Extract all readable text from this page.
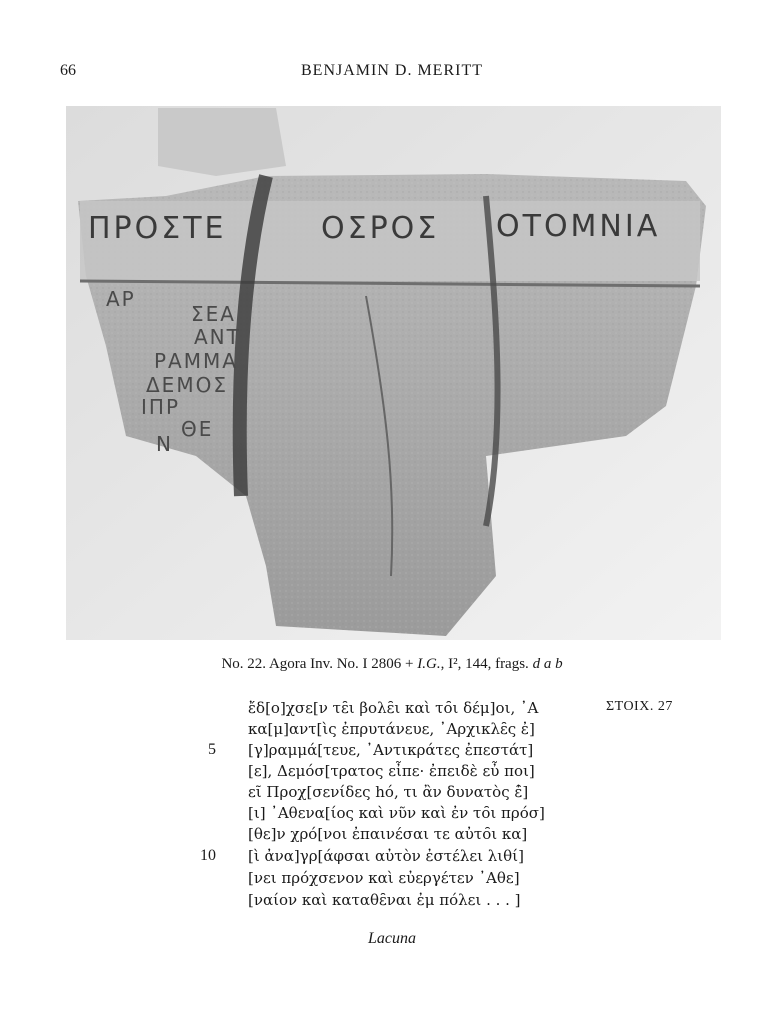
66	BENJAMIN D. MERITT
ΠΡΟΣΤΕ	ΟΣΡΟΣ ΟΤΟΜΝΙΑ
ΑΡ
ΣΕΑ
ΑΝΤ
ΡΑΜΜΑ
ΔΕΜΟΣ
ΙΠΡ
ΘΕ
Ν
No. 22. Agora Inv. No. I 2806 + I.G., I², 144, frags. d a b
ΣΤΟΙΧ. 27
ἔδ[ο]χσε[ν τε̑ι βολε̑ι καὶ το̑ι δέμ]οι, ᾽Α
κα[μ]αντ[ὶς ἐπρυτάνευε, ᾽Αρχικλε̑ς ἐ]
5 [γ]ραμμά[τευε, ᾽Αντικράτες ἐπεστάτ]
[ε], Δεμόσ[τρατος εἶπε· ἐπειδὲ εὖ ποι]
εῖ Προχ[σενίδες hό, τι ἂν δυνατὸς ἐ̑]
[ι] ᾽Αθενα[ίος καὶ νῦν καὶ ἐν το̑ι πρόσ]
[θε]ν χρό[νοι ἐπαινέσαι τε αὐτο̑ι κα]
10 [ὶ ἀνα]γρ[άφσαι αὐτὸν ἐστέλει λιθί]
[νει πρόχσενον καὶ εὐεργέτεν ᾽Αθε]
[ναίον καὶ καταθε̑ναι ἐμ πόλει . . . ]
Lacuna
